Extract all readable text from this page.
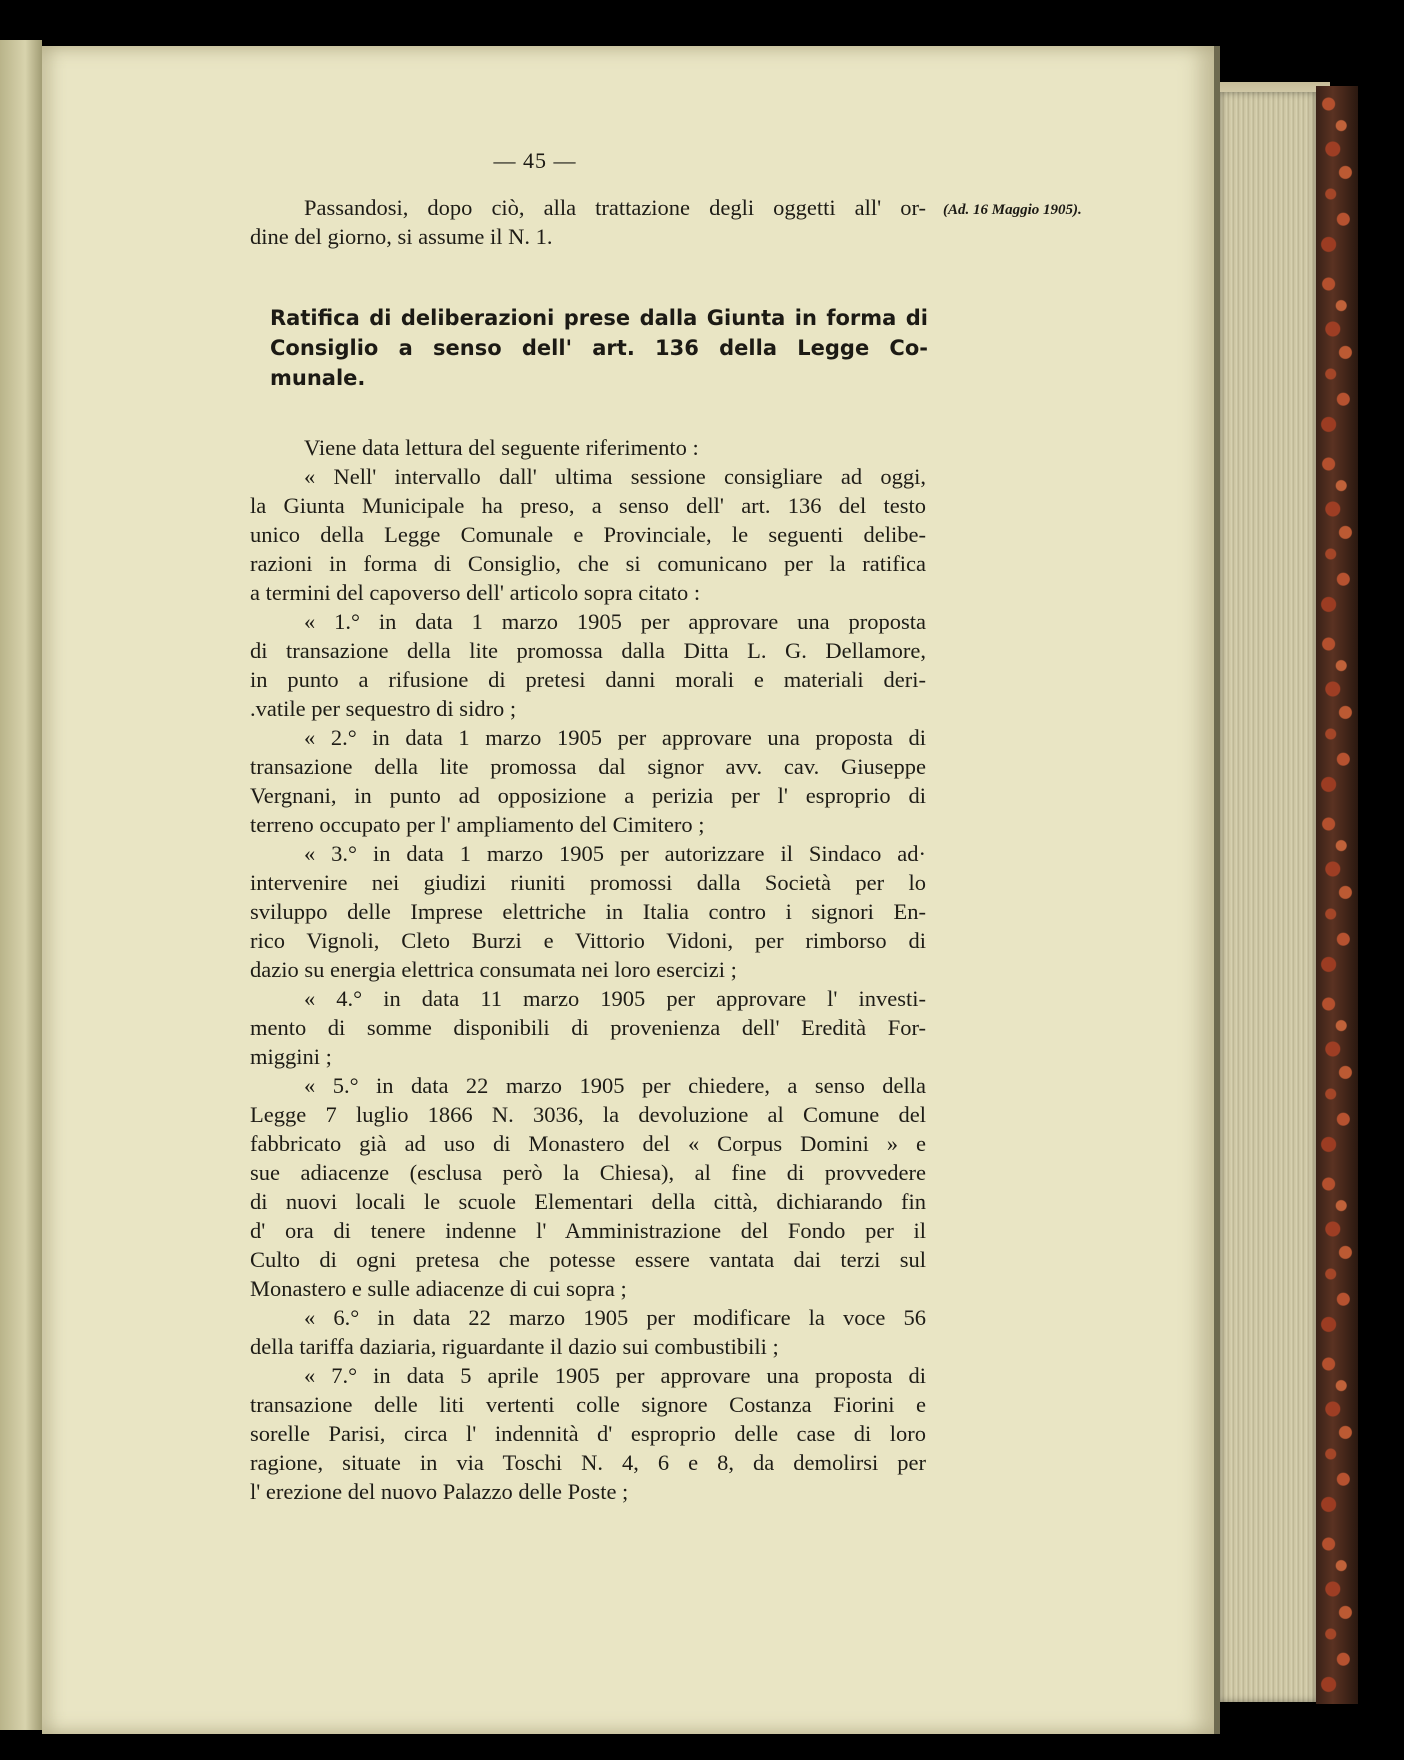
— 45 —
(Ad. 16 Maggio 1905).
Passandosi, dopo ciò, alla trattazione degli oggetti all' or-
dine del giorno, si assume il N. 1.
Ratifica di deliberazioni prese dalla Giunta in forma di
Consiglio a senso dell' art. 136 della Legge Co-
munale.
Viene data lettura del seguente riferimento :
« Nell' intervallo dall' ultima sessione consigliare ad oggi,
la Giunta Municipale ha preso, a senso dell' art. 136 del testo
unico della Legge Comunale e Provinciale, le seguenti delibe-
razioni in forma di Consiglio, che si comunicano per la ratifica
a termini del capoverso dell' articolo sopra citato :
« 1.° in data 1 marzo 1905 per approvare una proposta
di transazione della lite promossa dalla Ditta L. G. Dellamore,
in punto a rifusione di pretesi danni morali e materiali deri-
.vatile per sequestro di sidro ;
« 2.° in data 1 marzo 1905 per approvare una proposta di
transazione della lite promossa dal signor avv. cav. Giuseppe
Vergnani, in punto ad opposizione a perizia per l' esproprio di
terreno occupato per l' ampliamento del Cimitero ;
« 3.° in data 1 marzo 1905 per autorizzare il Sindaco ad·
intervenire nei giudizi riuniti promossi dalla Società per lo
sviluppo delle Imprese elettriche in Italia contro i signori En-
rico Vignoli, Cleto Burzi e Vittorio Vidoni, per rimborso di
dazio su energia elettrica consumata nei loro esercizi ;
« 4.° in data 11 marzo 1905 per approvare l' investi-
mento di somme disponibili di provenienza dell' Eredità For-
miggini ;
« 5.° in data 22 marzo 1905 per chiedere, a senso della
Legge 7 luglio 1866 N. 3036, la devoluzione al Comune del
fabbricato già ad uso di Monastero del « Corpus Domini » e
sue adiacenze (esclusa però la Chiesa), al fine di provvedere
di nuovi locali le scuole Elementari della città, dichiarando fin
d' ora di tenere indenne l' Amministrazione del Fondo per il
Culto di ogni pretesa che potesse essere vantata dai terzi sul
Monastero e sulle adiacenze di cui sopra ;
« 6.° in data 22 marzo 1905 per modificare la voce 56
della tariffa daziaria, riguardante il dazio sui combustibili ;
« 7.° in data 5 aprile 1905 per approvare una proposta di
transazione delle liti vertenti colle signore Costanza Fiorini e
sorelle Parisi, circa l' indennità d' esproprio delle case di loro
ragione, situate in via Toschi N. 4, 6 e 8, da demolirsi per
l' erezione del nuovo Palazzo delle Poste ;
